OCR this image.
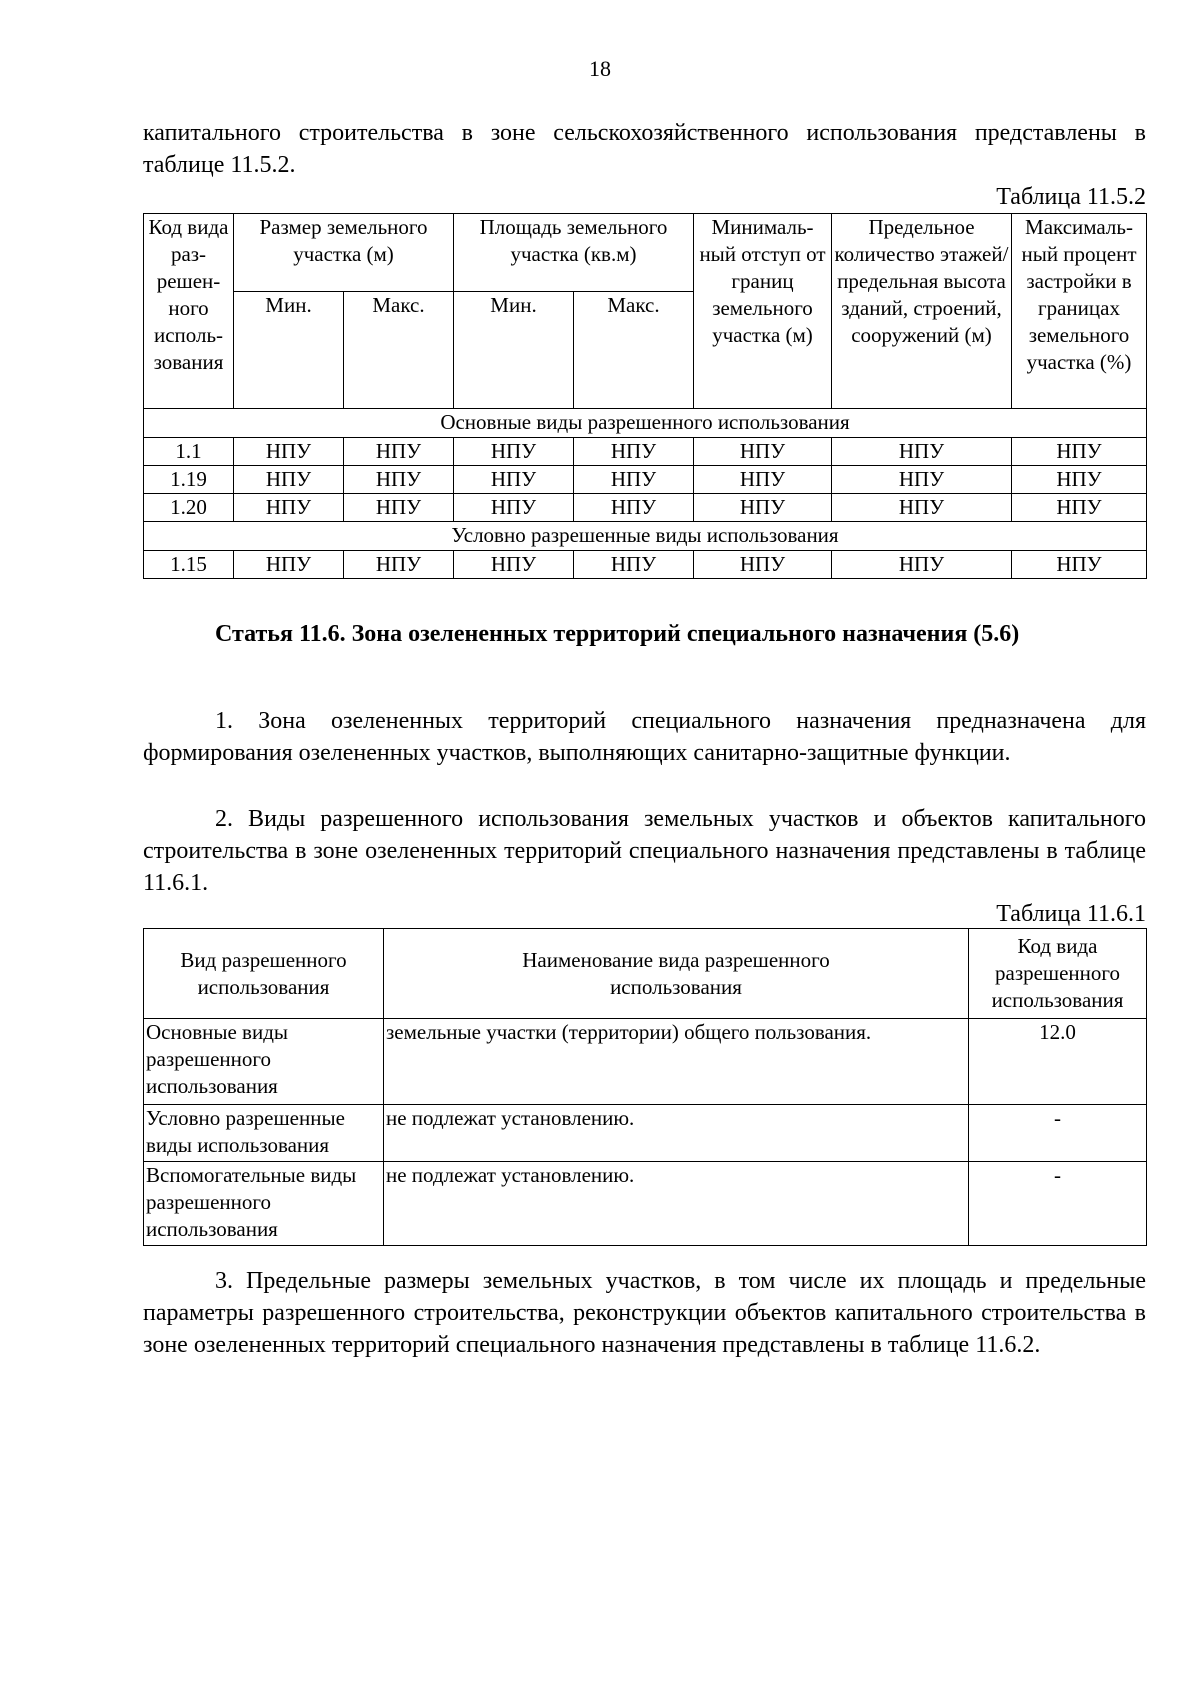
18

капитального строительства в зоне сельскохозяйственного использования представлены в таблице 11.5.2.

Таблица 11.5.2
Код вида раз-решен-ного исполь-зования	Размер земельного участка (м)		Площадь земельного участка (кв.м)		Минималь-ный отступ от границ земельного участка (м)	Предельное количество этажей/ предельная высота зданий, строений, сооружений (м)	Максималь-ный процент застройки в границах земельного участка (%)
	Мин.	Макс.	Мин.	Макс.			
Основные виды разрешенного использования							
1.1	НПУ	НПУ	НПУ	НПУ	НПУ	НПУ	НПУ
1.19	НПУ	НПУ	НПУ	НПУ	НПУ	НПУ	НПУ
1.20	НПУ	НПУ	НПУ	НПУ	НПУ	НПУ	НПУ
Условно разрешенные виды использования							
1.15	НПУ	НПУ	НПУ	НПУ	НПУ	НПУ	НПУ

Статья 11.6. Зона озелененных территорий специального назначения (5.6)

1. Зона озелененных территорий специального назначения предназначена для формирования озелененных участков, выполняющих санитарно-защитные функции.

2. Виды разрешенного использования земельных участков и объектов капитального строительства в зоне озелененных территорий специального назначения представлены в таблице 11.6.1.

Таблица 11.6.1
Вид разрешенного использования	Наименование вида разрешенного использования	Код вида разрешенного использования
Основные виды разрешенного использования	земельные участки (территории) общего пользования.	12.0
Условно разрешенные виды использования	не подлежат установлению.	-
Вспомогательные виды разрешенного использования	не подлежат установлению.	-

3. Предельные размеры земельных участков, в том числе их площадь и предельные параметры разрешенного строительства, реконструкции объектов капитального строительства в зоне озелененных территорий специального назначения представлены в таблице 11.6.2.
